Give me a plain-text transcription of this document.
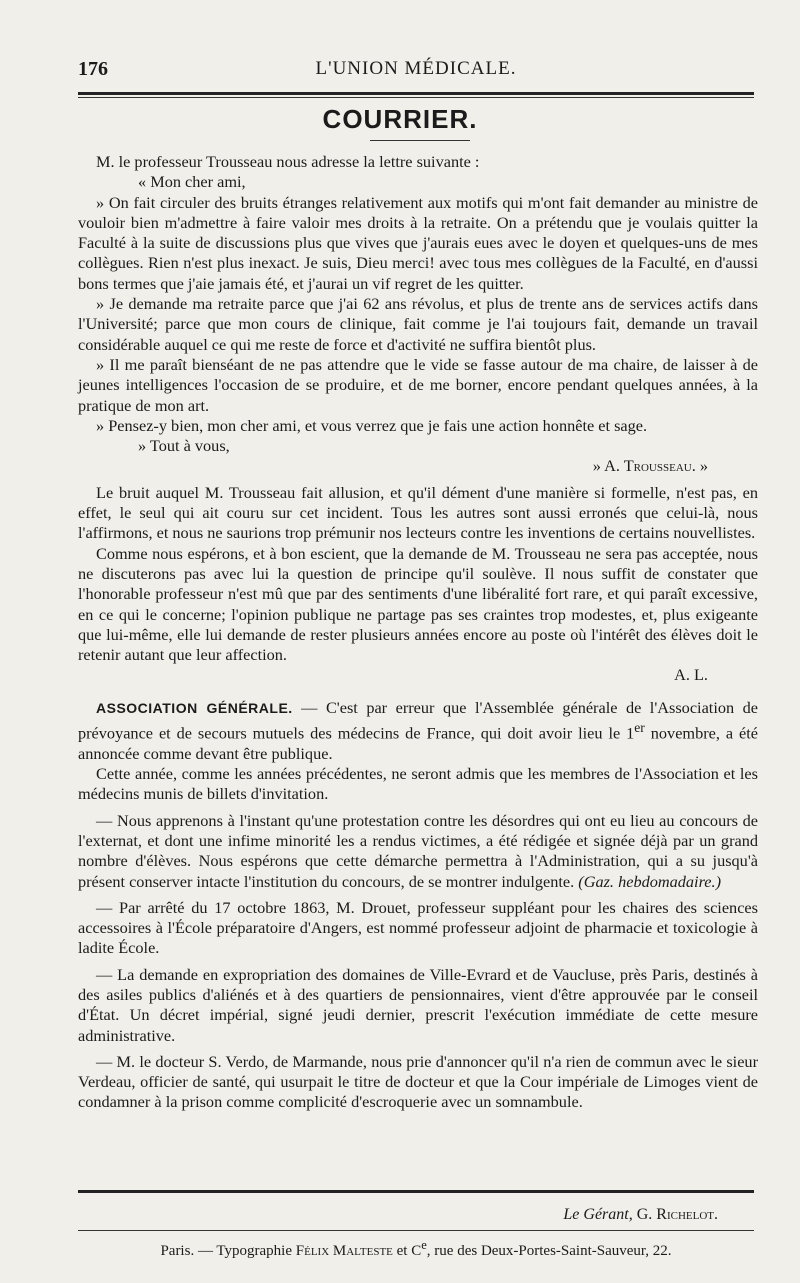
176	L'UNION MÉDICALE.
COURRIER.

M. le professeur Trousseau nous adresse la lettre suivante :

« Mon cher ami,

» On fait circuler des bruits étranges relativement aux motifs qui m'ont fait demander au ministre de vouloir bien m'admettre à faire valoir mes droits à la retraite. On a prétendu que je voulais quitter la Faculté à la suite de discussions plus que vives que j'aurais eues avec le doyen et quelques-uns de mes collègues. Rien n'est plus inexact. Je suis, Dieu merci! avec tous mes collègues de la Faculté, en d'aussi bons termes que j'aie jamais été, et j'aurai un vif regret de les quitter.

» Je demande ma retraite parce que j'ai 62 ans révolus, et plus de trente ans de services actifs dans l'Université; parce que mon cours de clinique, fait comme je l'ai toujours fait, demande un travail considérable auquel ce qui me reste de force et d'activité ne suffira bientôt plus.

» Il me paraît bienséant de ne pas attendre que le vide se fasse autour de ma chaire, de laisser à de jeunes intelligences l'occasion de se produire, et de me borner, encore pendant quelques années, à la pratique de mon art.

» Pensez-y bien, mon cher ami, et vous verrez que je fais une action honnête et sage.

» Tout à vous,

» A. Trousseau. »

Le bruit auquel M. Trousseau fait allusion, et qu'il dément d'une manière si formelle, n'est pas, en effet, le seul qui ait couru sur cet incident. Tous les autres sont aussi erronés que celui-là, nous l'affirmons, et nous ne saurions trop prémunir nos lecteurs contre les inventions de certains nouvellistes.

Comme nous espérons, et à bon escient, que la demande de M. Trousseau ne sera pas acceptée, nous ne discuterons pas avec lui la question de principe qu'il soulève. Il nous suffit de constater que l'honorable professeur n'est mû que par des sentiments d'une libéralité fort rare, et qui paraît excessive, en ce qui le concerne; l'opinion publique ne partage pas ses craintes trop modestes, et, plus exigeante que lui-même, elle lui demande de rester plusieurs années encore au poste où l'intérêt des élèves doit le retenir autant que leur affection.

A. L.

ASSOCIATION GÉNÉRALE. — C'est par erreur que l'Assemblée générale de l'Association de prévoyance et de secours mutuels des médecins de France, qui doit avoir lieu le 1er novembre, a été annoncée comme devant être publique.

Cette année, comme les années précédentes, ne seront admis que les membres de l'Association et les médecins munis de billets d'invitation.

— Nous apprenons à l'instant qu'une protestation contre les désordres qui ont eu lieu au concours de l'externat, et dont une infime minorité les a rendus victimes, a été rédigée et signée déjà par un grand nombre d'élèves. Nous espérons que cette démarche permettra à l'Administration, qui a su jusqu'à présent conserver intacte l'institution du concours, de se montrer indulgente. (Gaz. hebdomadaire.)

— Par arrêté du 17 octobre 1863, M. Drouet, professeur suppléant pour les chaires des sciences accessoires à l'École préparatoire d'Angers, est nommé professeur adjoint de pharmacie et toxicologie à ladite École.

— La demande en expropriation des domaines de Ville-Evrard et de Vaucluse, près Paris, destinés à des asiles publics d'aliénés et à des quartiers de pensionnaires, vient d'être approuvée par le conseil d'État. Un décret impérial, signé jeudi dernier, prescrit l'exécution immédiate de cette mesure administrative.

— M. le docteur S. Verdo, de Marmande, nous prie d'annoncer qu'il n'a rien de commun avec le sieur Verdeau, officier de santé, qui usurpait le titre de docteur et que la Cour impériale de Limoges vient de condamner à la prison comme complicité d'escroquerie avec un somnambule.

Le Gérant, G. Richelot.
Paris. — Typographie Félix Malteste et Ce, rue des Deux-Portes-Saint-Sauveur, 22.
